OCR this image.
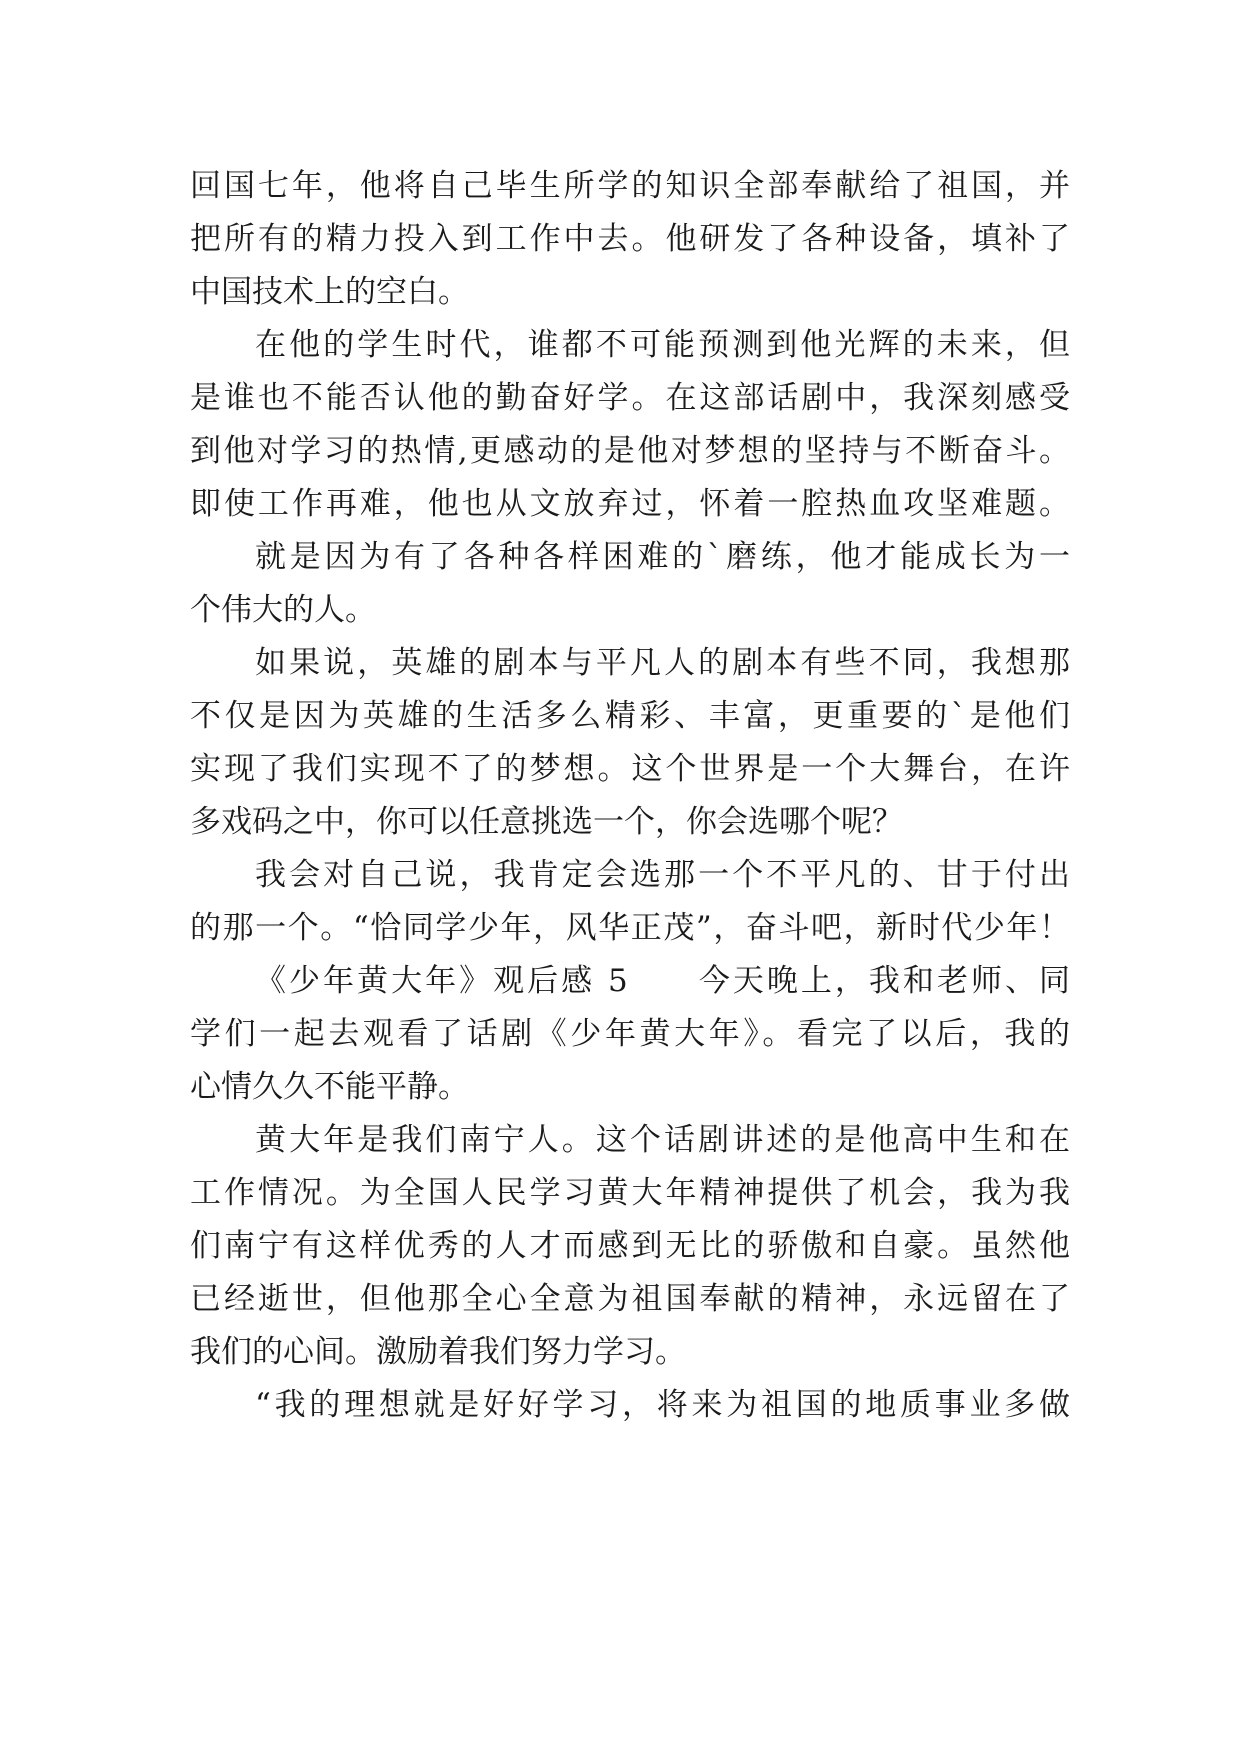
回国七年，他将自己毕生所学的知识全部奉献给了祖国，并
把所有的精力投入到工作中去。他研发了各种设备，填补了
中国技术上的空白。
在他的学生时代，谁都不可能预测到他光辉的未来，但
是谁也不能否认他的勤奋好学。在这部话剧中，我深刻感受
到他对学习的热情,更感动的是他对梦想的坚持与不断奋斗。
即使工作再难，他也从文放弃过，怀着一腔热血攻坚难题。
就是因为有了各种各样困难的`磨练，他才能成长为一
个伟大的人。
如果说，英雄的剧本与平凡人的剧本有些不同，我想那
不仅是因为英雄的生活多么精彩、丰富，更重要的`是他们
实现了我们实现不了的梦想。这个世界是一个大舞台，在许
多戏码之中，你可以任意挑选一个，你会选哪个呢？
我会对自己说，我肯定会选那一个不平凡的、甘于付出
的那一个。“恰同学少年，风华正茂”，奋斗吧，新时代少年！
《少年黄大年》观后感 5　　今天晚上，我和老师、同
学们一起去观看了话剧《少年黄大年》。看完了以后，我的
心情久久不能平静。
黄大年是我们南宁人。这个话剧讲述的是他高中生和在
工作情况。为全国人民学习黄大年精神提供了机会，我为我
们南宁有这样优秀的人才而感到无比的骄傲和自豪。虽然他
已经逝世，但他那全心全意为祖国奉献的精神，永远留在了
我们的心间。激励着我们努力学习。
“我的理想就是好好学习，将来为祖国的地质事业多做
